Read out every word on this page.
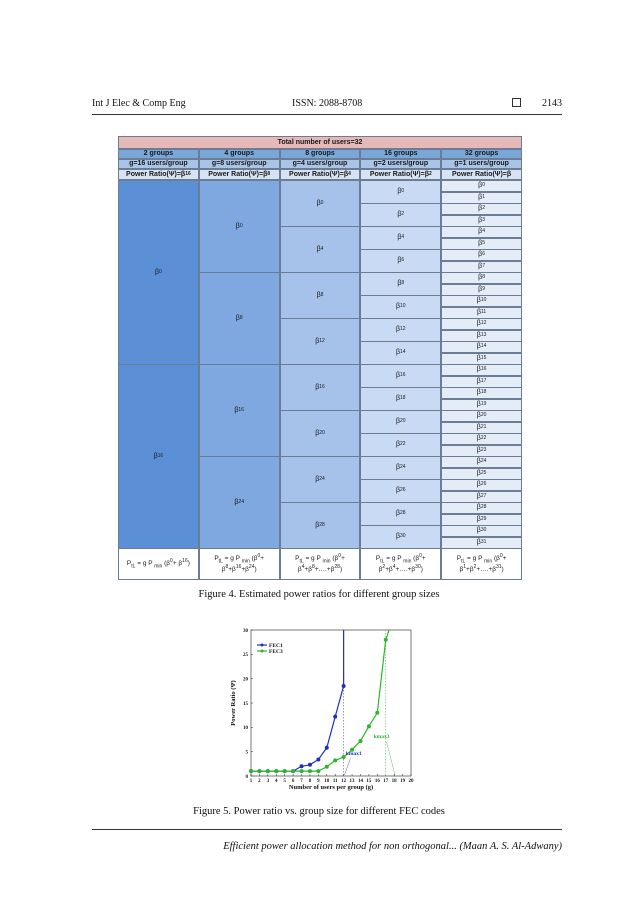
Int J Elec & Comp Eng	ISSN: 2088-8708	2143
Total number of users=32
2 groups
g=16 users/group
Power Ratio(Ψ)=β 16
4 groups
g=8 users/group
Power Ratio(Ψ)=β 8
8 groups
g=4 users/group
Power Ratio(Ψ)=β 4
16 groups
g=2 users/group
Power Ratio(Ψ)=β 2
32 groups
g=1 users/group
Power Ratio(Ψ)=β
β 0
β 16
β 0
β 8
β 16
β 24
β 0
β 4
β 8
β 12
β 16
β 20
β 24
β 28
β 0
β 2
β 4
β 6
β 8
β 10
β 12
β 14
β 16
β 18
β 20
β 22
β 24
β 26
β 28
β 30
β 0
β 1
β 2
β 3
β 4
β 5
β 6
β 7
β 8
β 9
β 10
β 11
β 12
β 13
β 14
β 15
β 16
β 17
β 18
β 19
β 20
β 21
β 22
β 23
β 24
β 25
β 26
β 27
β 28
β 29
β 30
β 31
$P_{tL} = g$ P $_{min}$ $(\beta^0+ \beta^{16})$
$P_{tL} = g$ P $_{min}$ ($\beta^0+$
$\beta^8+\beta^{16}+\beta^{24}$)
$P_{tL} = g$ P $_{min}$ ($\beta^0+$
$\beta^4+\beta^8+\dots.+\beta^{28}$)
$P_{tL} = g$ P $_{min}$ ($\beta^0+$
$\beta^2+\beta^4+\dots.+\beta^{30}$)
$P_{tL} = g$ P $_{min}$ ($\beta^0+$
$\beta^1+\beta^2+\dots.+\beta^{31}$)
Figure 4. Estimated power ratios for different group sizes
1 2 3 4 5 6 7 8 9 10 11 12 13 14 15 16 17 18 19 20
0
5
10
15
20
25
30
Number of users per group (g)
Power Ratio (Ψ)
kmax1
kmax3
FEC1
FEC3
Figure 5. Power ratio vs. group size for different FEC codes
Efficient power allocation method for non orthogonal... (Maan A. S. Al-Adwany)
